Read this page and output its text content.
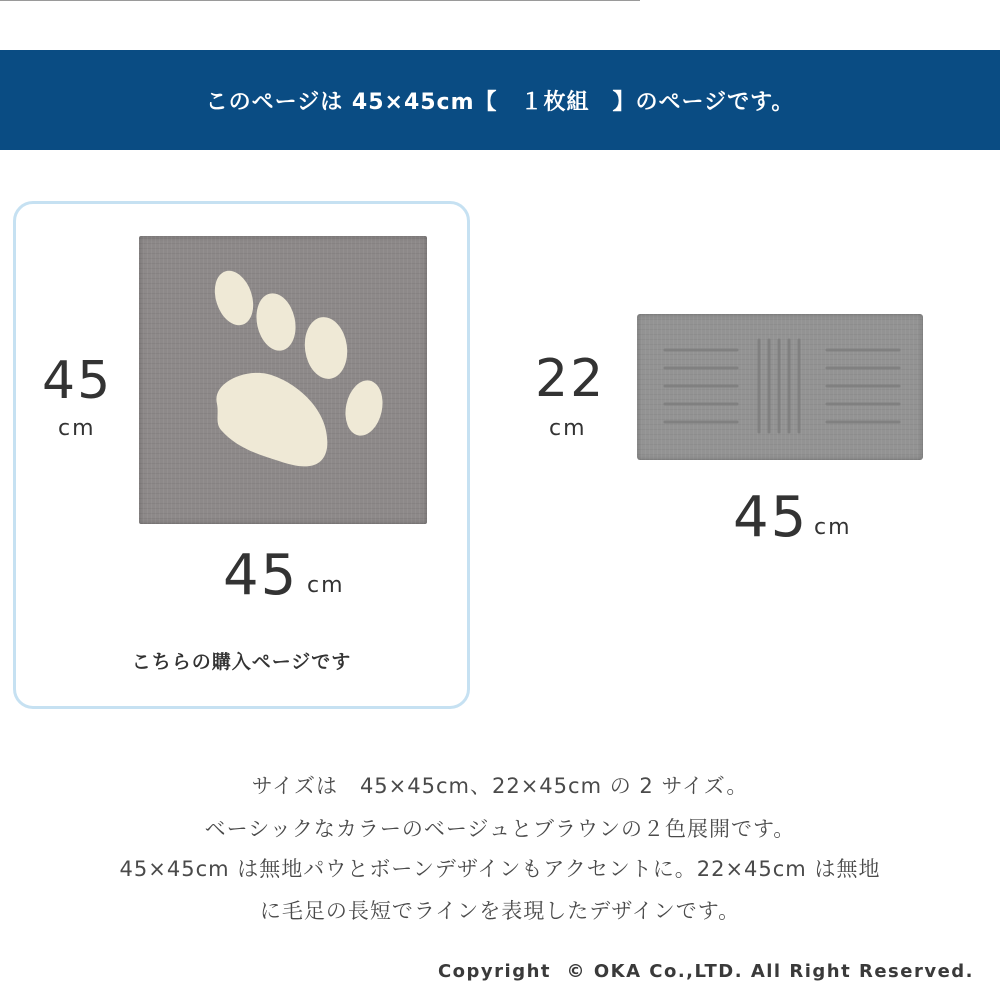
このページは 45×45cm【　１枚組　】のページです。
45
cm
45 cm
こちらの購入ページです
22
cm
45 cm
サイズは　45×45cm、22×45cm の 2 サイズ。
ベーシックなカラーのベージュとブラウンの２色展開です。
45×45cm は無地パウとボーンデザインもアクセントに。22×45cm は無地
に毛足の長短でラインを表現したデザインです。
Copyright  © OKA Co.,LTD. All Right Reserved.
